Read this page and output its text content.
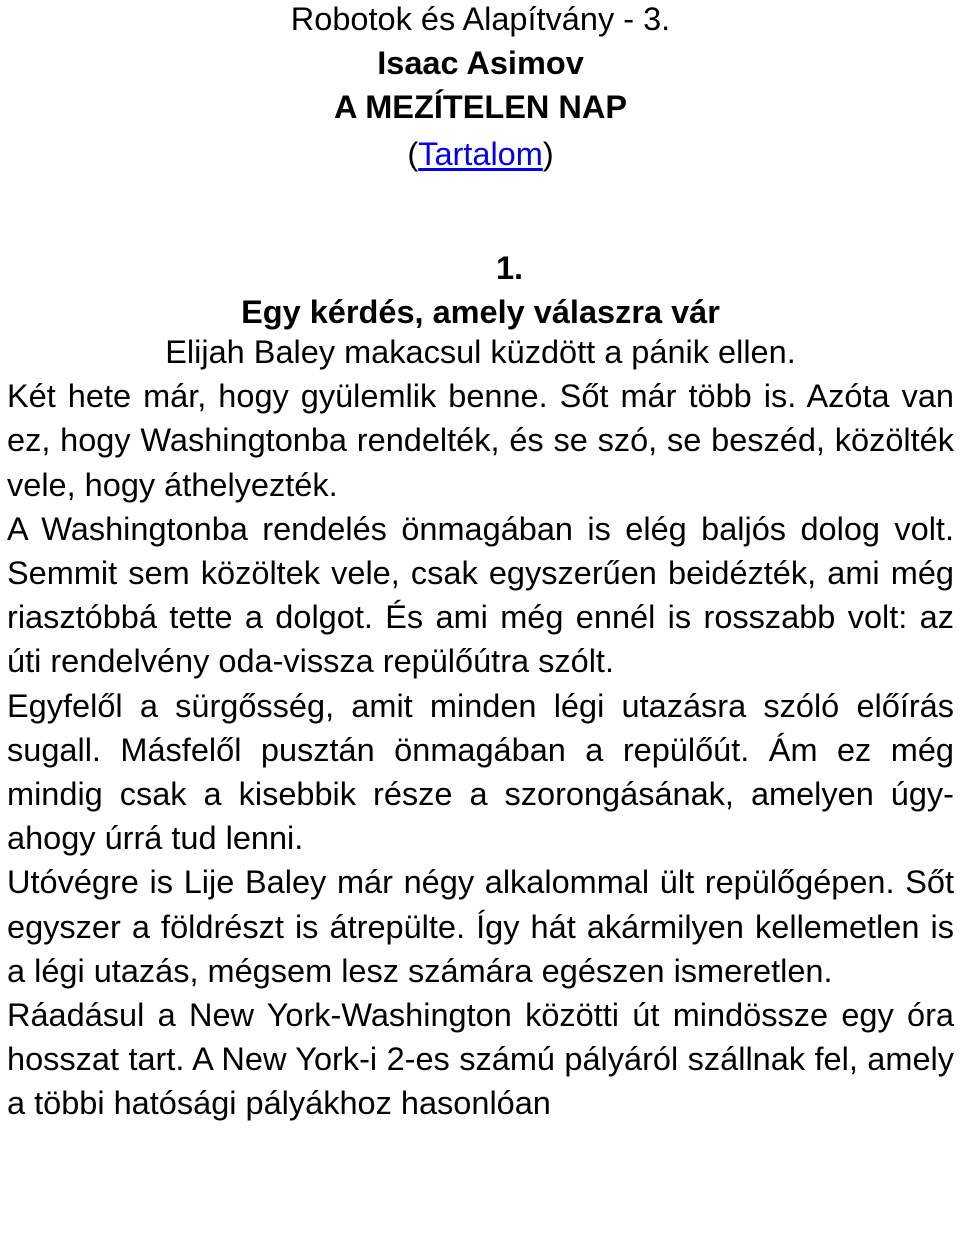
Robotok és Alapítvány - 3.

Isaac Asimov

A MEZÍTELEN NAP

(Tartalom)

1.

Egy kérdés, amely válaszra vár

Elijah Baley makacsul küzdött a pánik ellen.

Két hete már, hogy gyülemlik benne. Sőt már több is. Azóta van ez, hogy Washingtonba rendelték, és se szó, se beszéd, közölték vele, hogy áthelyezték.

A Washingtonba rendelés önmagában is elég baljós dolog volt. Semmit sem közöltek vele, csak egyszerűen beidézték, ami még riasztóbbá tette a dolgot. És ami még ennél is rosszabb volt: az úti rendelvény oda-vissza repülőútra szólt.

Egyfelől a sürgősség, amit minden légi utazásra szóló előírás sugall. Másfelől pusztán önmagában a repülőút. Ám ez még mindig csak a kisebbik része a szorongásának, amelyen úgy-ahogy úrrá tud lenni.

Utóvégre is Lije Baley már négy alkalommal ült repülőgépen. Sőt egyszer a földrészt is átrepülte. Így hát akármilyen kellemetlen is a légi utazás, mégsem lesz számára egészen ismeretlen.

Ráadásul a New York-Washington közötti út mindössze egy óra hosszat tart. A New York-i 2-es számú pályáról szállnak fel, amely a többi hatósági pályákhoz hasonlóan
